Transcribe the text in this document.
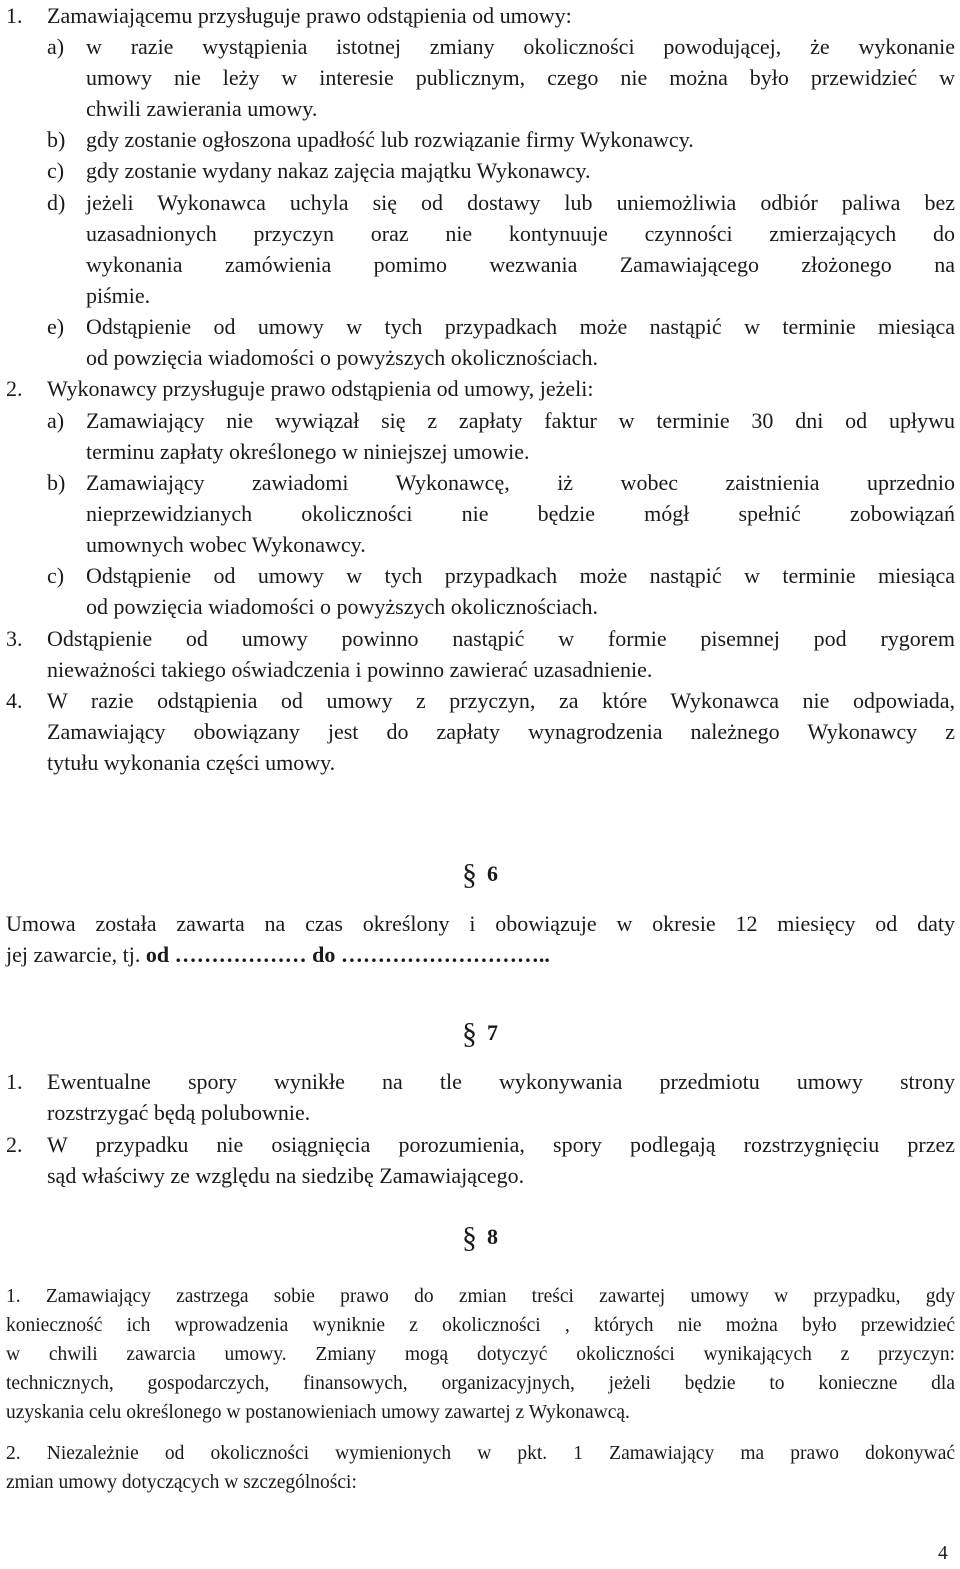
1. Zamawiającemu przysługuje prawo odstąpienia od umowy:
a) w razie wystąpienia istotnej zmiany okoliczności powodującej, że wykonanie
umowy nie leży w interesie publicznym, czego nie można było przewidzieć w
chwili zawierania umowy.
b) gdy zostanie ogłoszona upadłość lub rozwiązanie firmy Wykonawcy.
c) gdy zostanie wydany nakaz zajęcia majątku Wykonawcy.
d) jeżeli Wykonawca uchyla się od dostawy lub uniemożliwia odbiór paliwa bez
uzasadnionych przyczyn oraz nie kontynuuje czynności zmierzających do
wykonania zamówienia pomimo wezwania Zamawiającego złożonego na
piśmie.
e) Odstąpienie od umowy w tych przypadkach może nastąpić w terminie miesiąca
od powzięcia wiadomości o powyższych okolicznościach.
2. Wykonawcy przysługuje prawo odstąpienia od umowy, jeżeli:
a) Zamawiający nie wywiązał się z zapłaty faktur w terminie 30 dni od upływu
terminu zapłaty określonego w niniejszej umowie.
b) Zamawiający zawiadomi Wykonawcę, iż wobec zaistnienia uprzednio
nieprzewidzianych okoliczności nie będzie mógł spełnić zobowiązań
umownych wobec Wykonawcy.
c) Odstąpienie od umowy w tych przypadkach może nastąpić w terminie miesiąca
od powzięcia wiadomości o powyższych okolicznościach.
3. Odstąpienie od umowy powinno nastąpić w formie pisemnej pod rygorem
nieważności takiego oświadczenia i powinno zawierać uzasadnienie.
4. W razie odstąpienia od umowy z przyczyn, za które Wykonawca nie odpowiada,
Zamawiający obowiązany jest do zapłaty wynagrodzenia należnego Wykonawcy z
tytułu wykonania części umowy.
§ 6
Umowa została zawarta na czas określony i obowiązuje w okresie 12 miesięcy od daty
jej zawarcie, tj. od ……………… do ………………………..
§ 7
1. Ewentualne spory wynikłe na tle wykonywania przedmiotu umowy strony
rozstrzygać będą polubownie.
2. W przypadku nie osiągnięcia porozumienia, spory podlegają rozstrzygnięciu przez
sąd właściwy ze względu na siedzibę Zamawiającego.
§ 8
1. Zamawiający zastrzega sobie prawo do zmian treści zawartej umowy w przypadku, gdy
konieczność ich wprowadzenia wyniknie z okoliczności , których nie można było przewidzieć
w chwili zawarcia umowy. Zmiany mogą dotyczyć okoliczności wynikających z przyczyn:
technicznych, gospodarczych, finansowych, organizacyjnych, jeżeli będzie to konieczne dla
uzyskania celu określonego w postanowieniach umowy zawartej z Wykonawcą.
2. Niezależnie od okoliczności wymienionych w pkt. 1 Zamawiający ma prawo dokonywać
zmian umowy dotyczących w szczególności:
4
